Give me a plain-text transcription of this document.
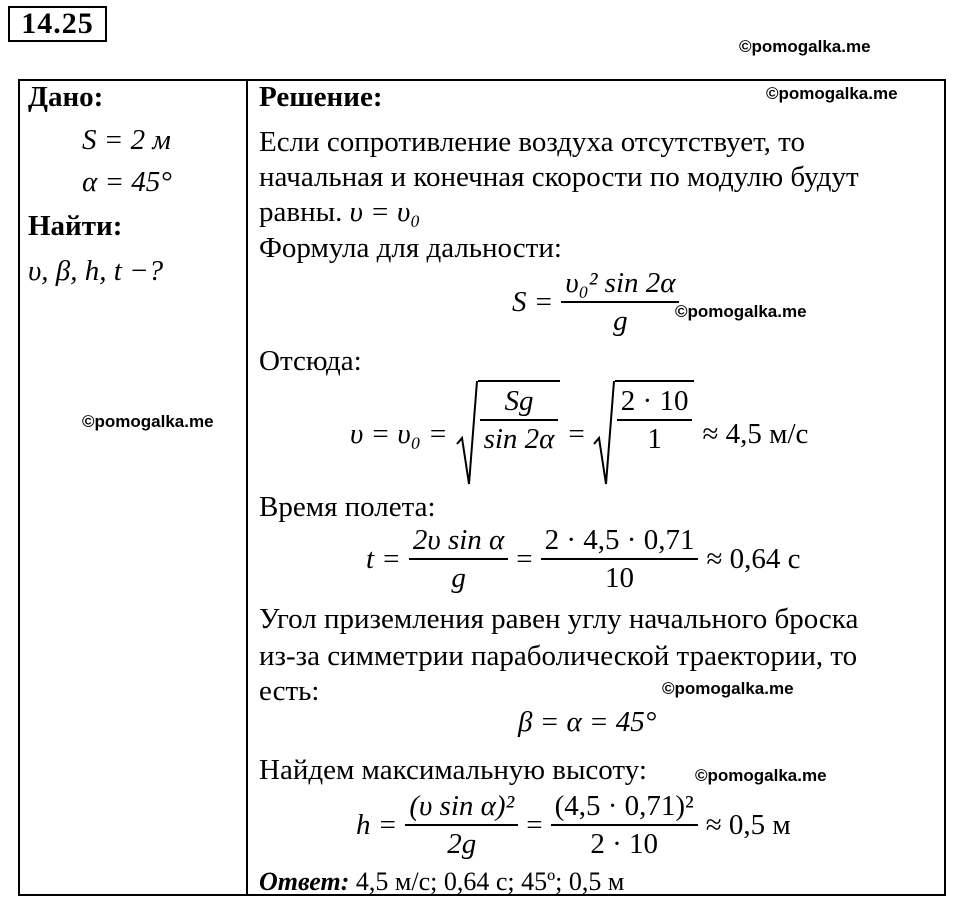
14.25
©pomogalka.me
©pomogalka.me
©pomogalka.me
©pomogalka.me
©pomogalka.me
©pomogalka.me
Дано:
S = 2 м
α = 45°
Найти:
υ, β, h, t −?
Решение:
Если сопротивление воздуха отсутствует, то
начальная и конечная скорости по модулю будут
равны. υ = υ₀
Формула для дальности:
$S = \frac{\text{υ₀² sin 2α}}{g}$
Отсюда:
$\upsilon = \upsilon_0 = \frac{Sg}{\sin 2\alpha} = \frac{2 \cdot 10}{1} \approx 4,5$ м/с
Время полета:
$t = \frac{\text{2υ sin α}}{g} = \frac{2 \cdot 4,5 \cdot 0,71}{10} \approx 0,64$ с
Угол приземления равен углу начального броска
из-за симметрии параболической траектории, то
есть:
β = α = 45°
Найдем максимальную высоту:
$h = \frac{\text{(υ sin α)²}}{2g} = \frac{\text{(4,5 · 0,71)²}}{2 \cdot 10} \approx 0,5$ м
Ответ: 4,5 м/с; 0,64 с; 45º; 0,5 м
